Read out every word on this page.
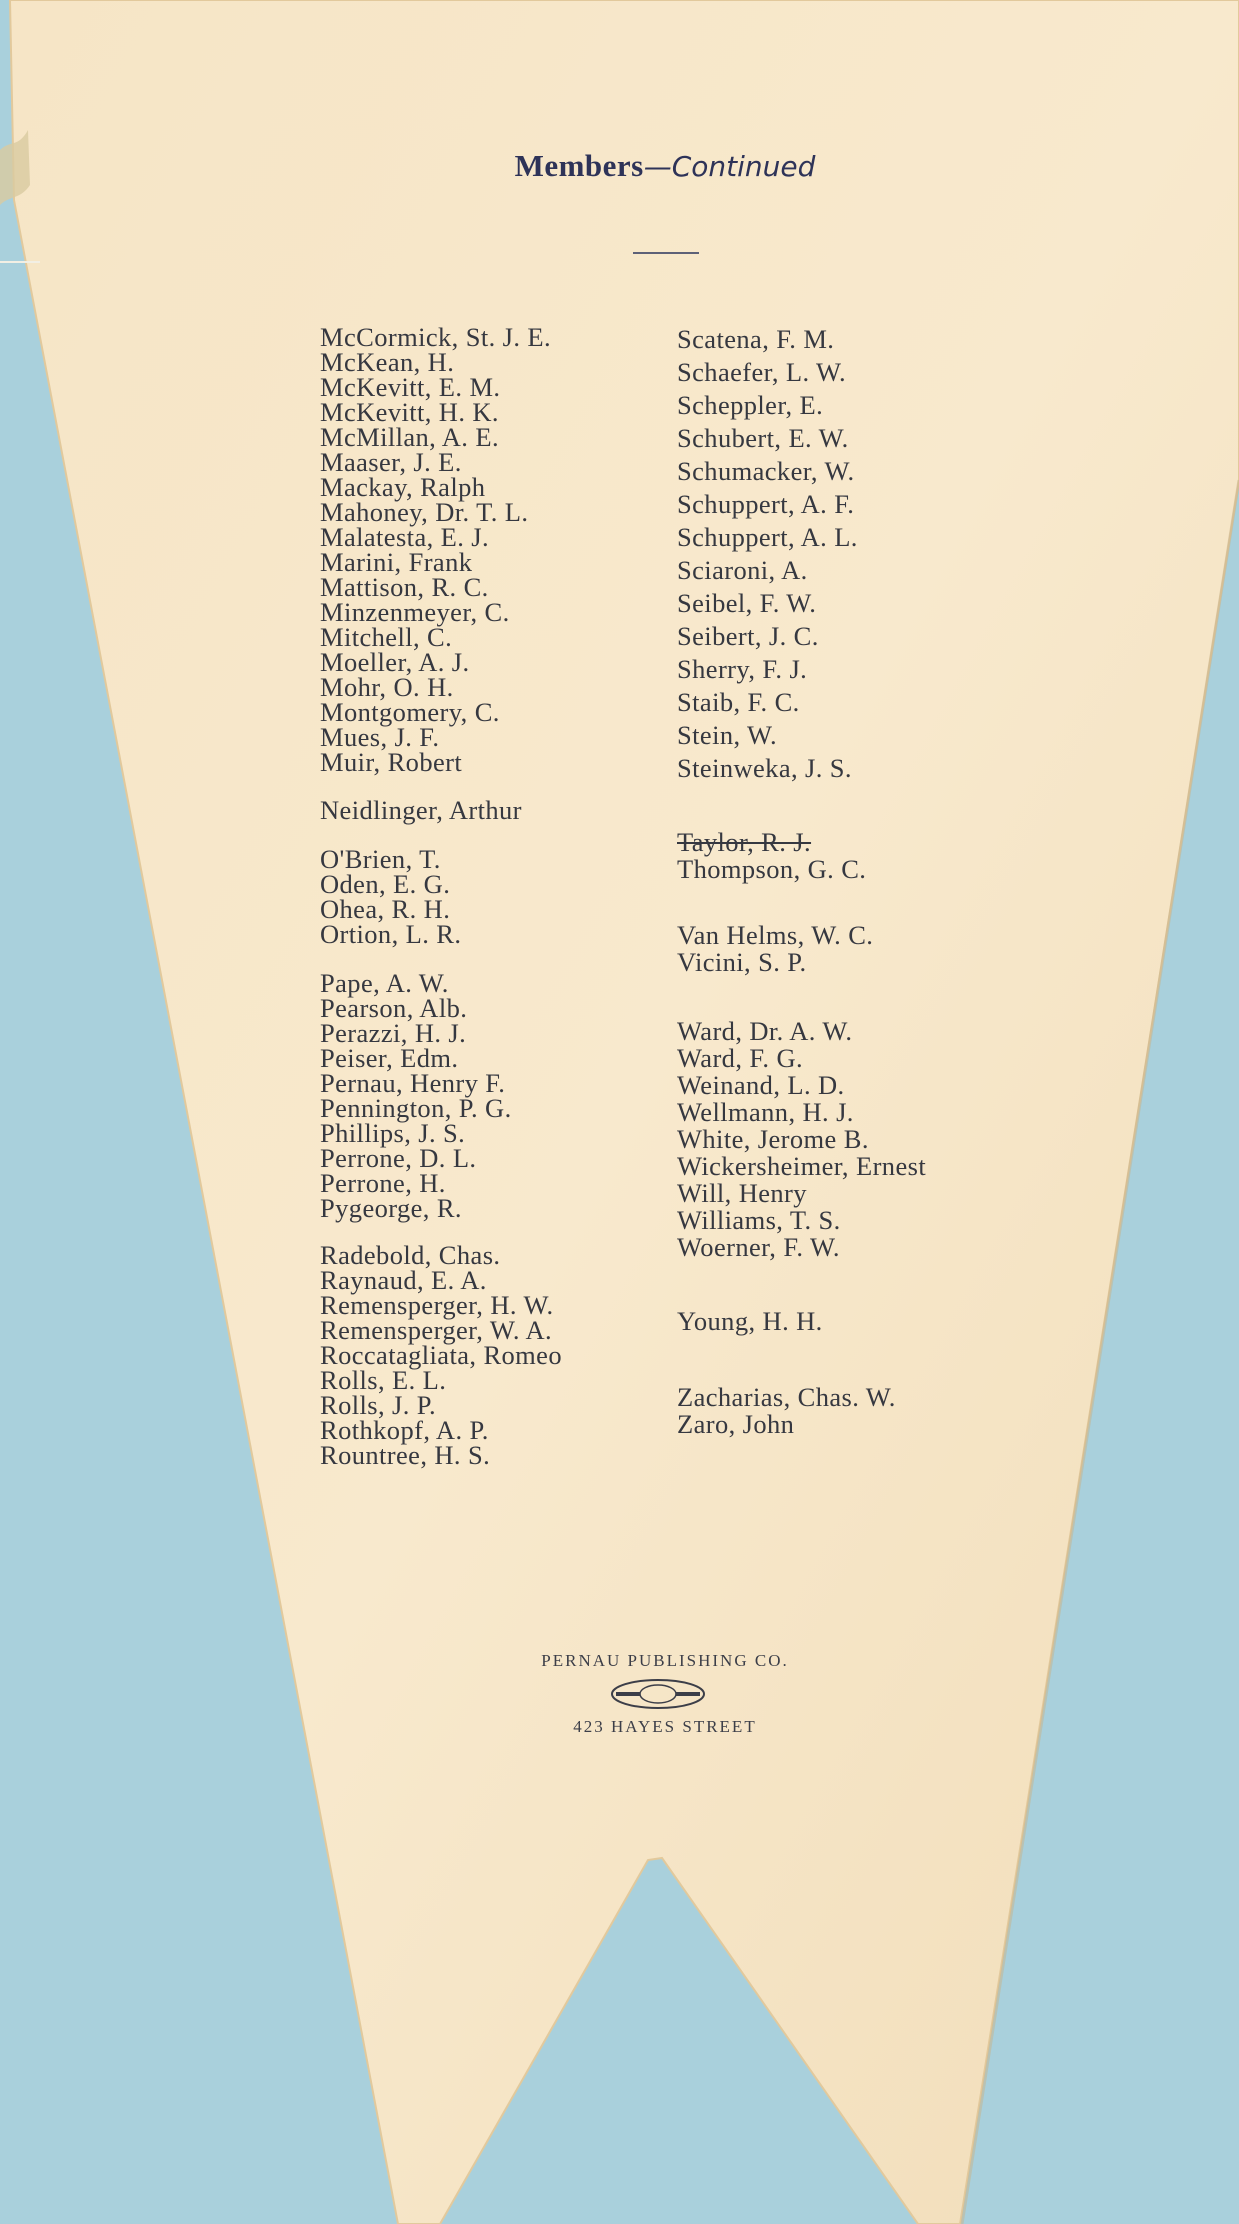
Members—Continued
McCormick, St. J. E.
McKean, H.
McKevitt, E. M.
McKevitt, H. K.
McMillan, A. E.
Maaser, J. E.
Mackay, Ralph
Mahoney, Dr. T. L.
Malatesta, E. J.
Marini, Frank
Mattison, R. C.
Minzenmeyer, C.
Mitchell, C.
Moeller, A. J.
Mohr, O. H.
Montgomery, C.
Mues, J. F.
Muir, Robert
Neidlinger, Arthur
O'Brien, T.
Oden, E. G.
Ohea, R. H.
Ortion, L. R.
Pape, A. W.
Pearson, Alb.
Perazzi, H. J.
Peiser, Edm.
Pernau, Henry F.
Pennington, P. G.
Phillips, J. S.
Perrone, D. L.
Perrone, H.
Pygeorge, R.
Radebold, Chas.
Raynaud, E. A.
Remensperger, H. W.
Remensperger, W. A.
Roccatagliata, Romeo
Rolls, E. L.
Rolls, J. P.
Rothkopf, A. P.
Rountree, H. S.
Scatena, F. M.
Schaefer, L. W.
Scheppler, E.
Schubert, E. W.
Schumacker, W.
Schuppert, A. F.
Schuppert, A. L.
Sciaroni, A.
Seibel, F. W.
Seibert, J. C.
Sherry, F. J.
Staib, F. C.
Stein, W.
Steinweka, J. S.
Taylor, R. J.
Thompson, G. C.
Van Helms, W. C.
Vicini, S. P.
Ward, Dr. A. W.
Ward, F. G.
Weinand, L. D.
Wellmann, H. J.
White, Jerome B.
Wickersheimer, Ernest
Will, Henry
Williams, T. S.
Woerner, F. W.
Young, H. H.
Zacharias, Chas. W.
Zaro, John
PERNAU PUBLISHING CO.
423 HAYES STREET
